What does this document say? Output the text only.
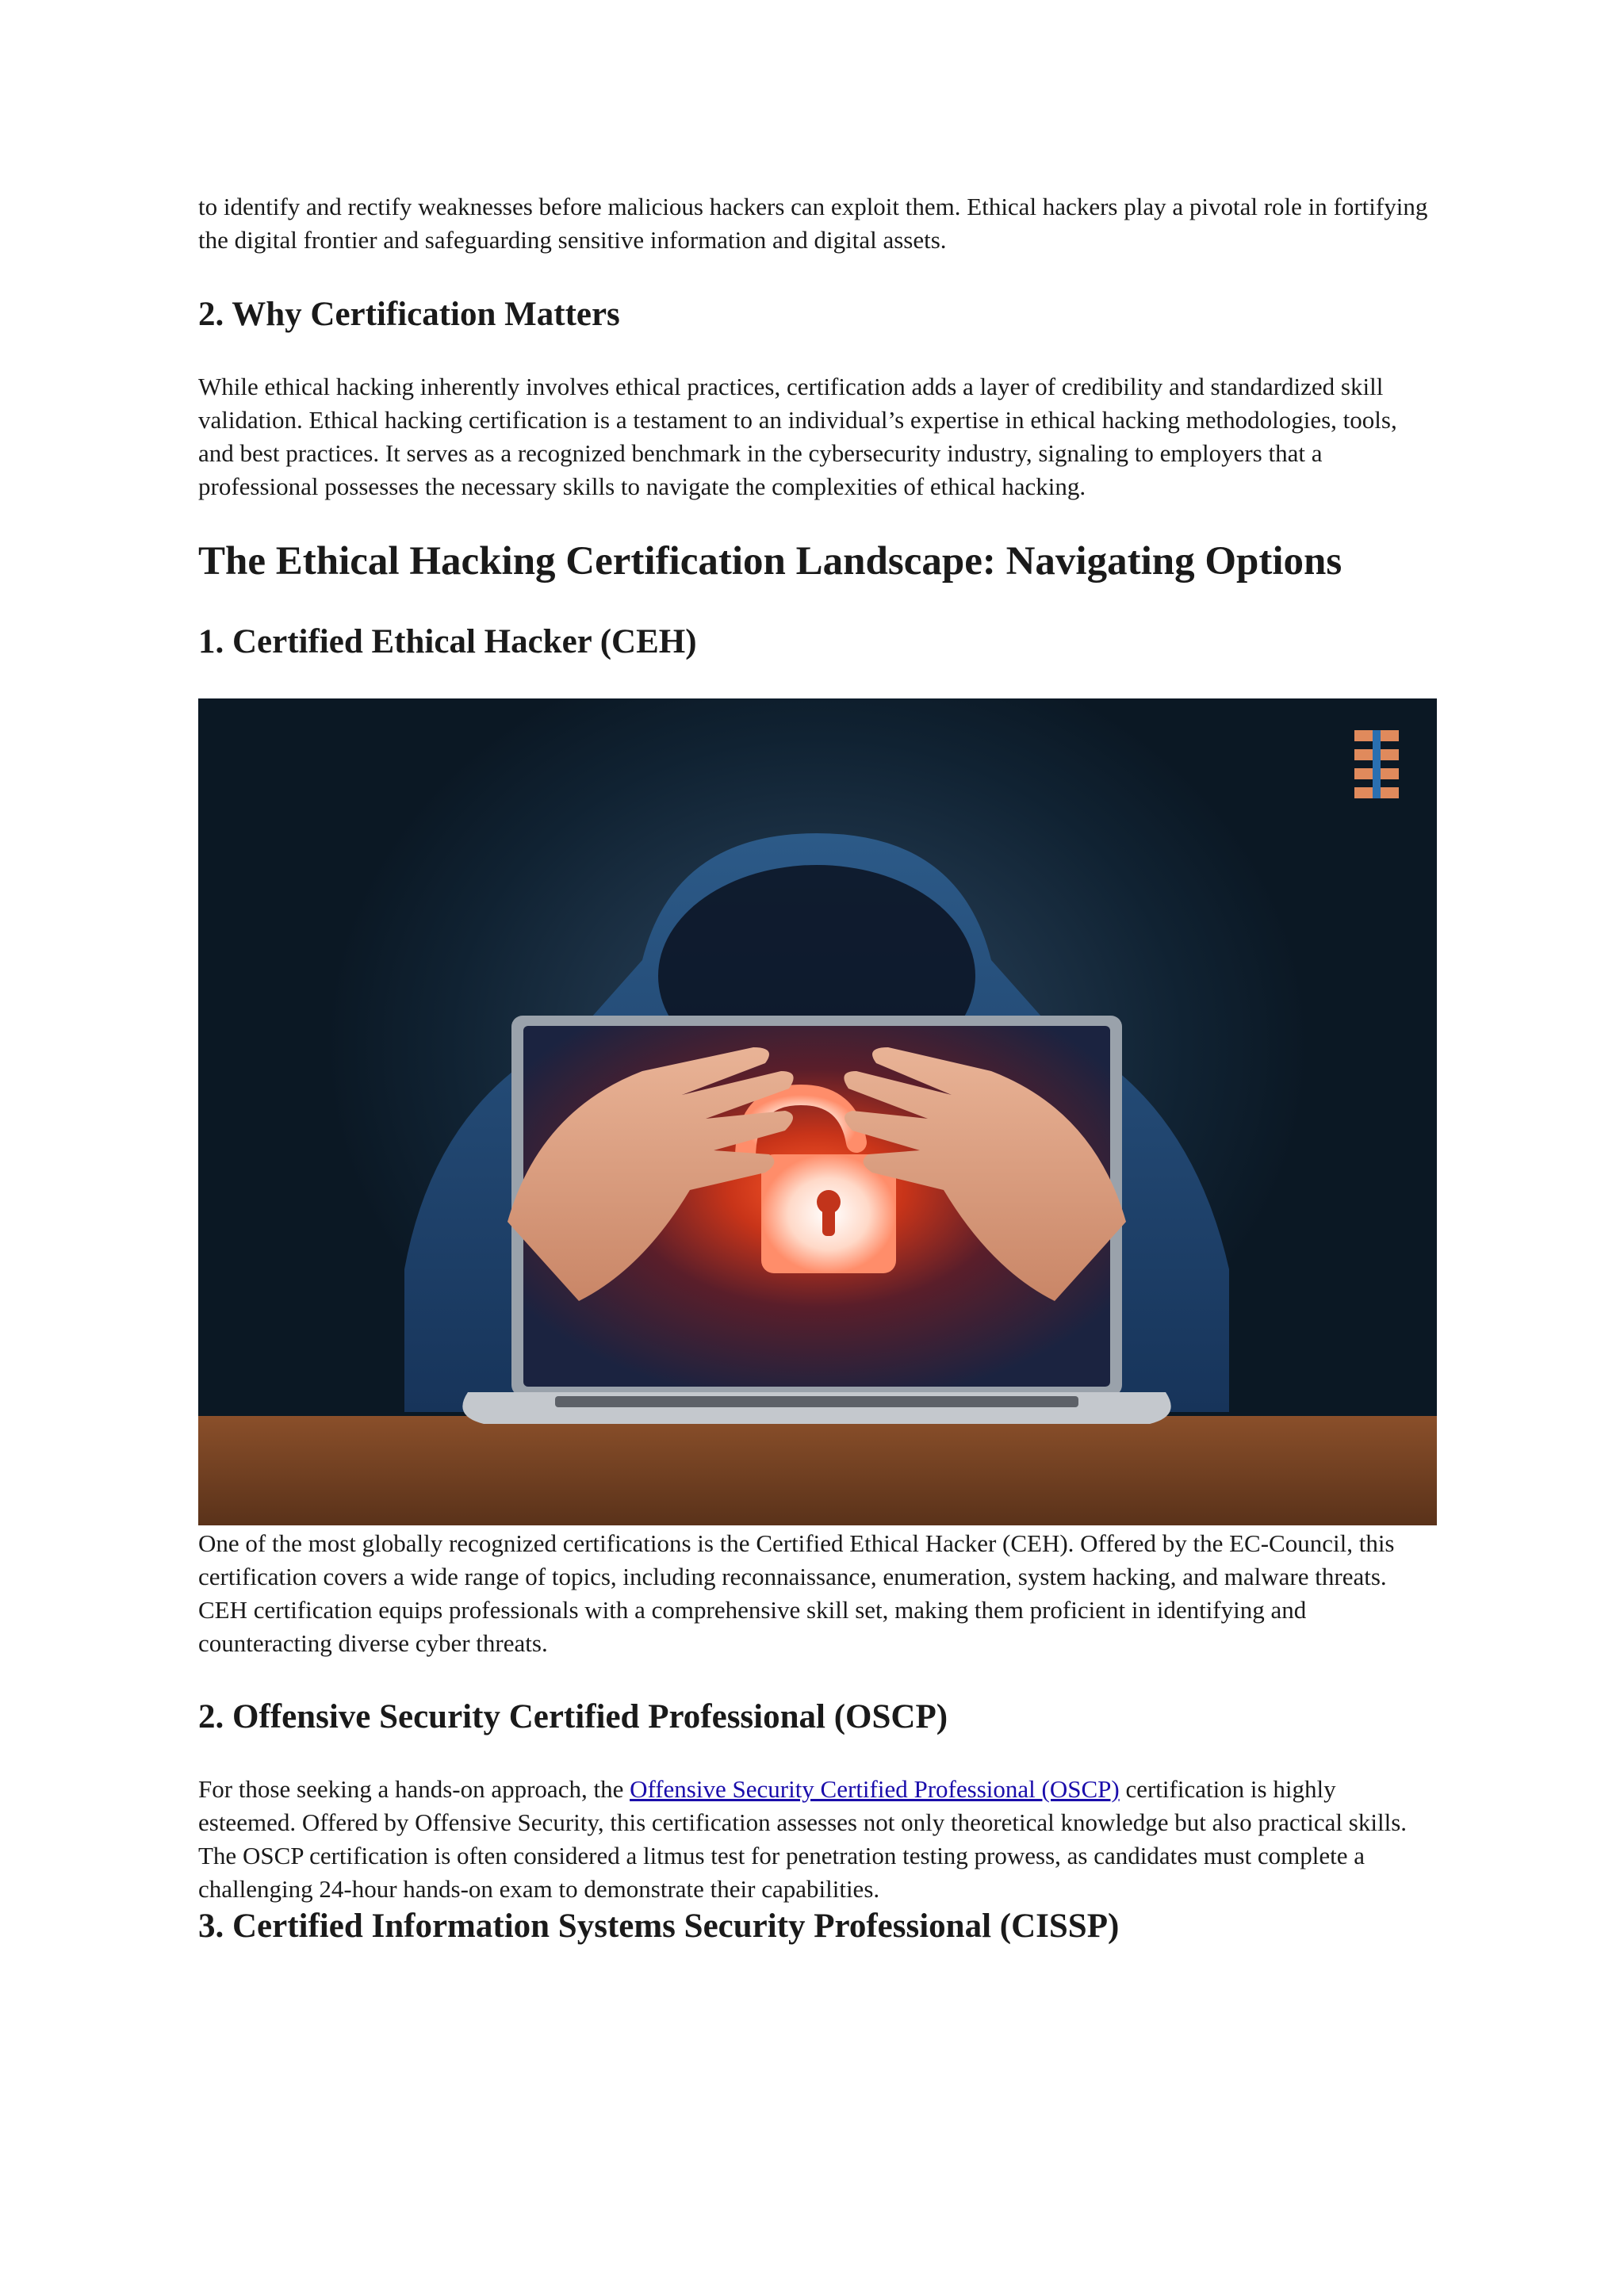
to identify and rectify weaknesses before malicious hackers can exploit them. Ethical hackers play a pivotal role in fortifying the digital frontier and safeguarding sensitive information and digital assets.

2. Why Certification Matters

While ethical hacking inherently involves ethical practices, certification adds a layer of credibility and standardized skill validation. Ethical hacking certification is a testament to an individual’s expertise in ethical hacking methodologies, tools, and best practices. It serves as a recognized benchmark in the cybersecurity industry, signaling to employers that a professional possesses the necessary skills to navigate the complexities of ethical hacking.

The Ethical Hacking Certification Landscape: Navigating Options
1. Certified Ethical Hacker (CEH)

One of the most globally recognized certifications is the Certified Ethical Hacker (CEH). Offered by the EC-Council, this certification covers a wide range of topics, including reconnaissance, enumeration, system hacking, and malware threats. CEH certification equips professionals with a comprehensive skill set, making them proficient in identifying and counteracting diverse cyber threats.

2. Offensive Security Certified Professional (OSCP)

For those seeking a hands-on approach, the Offensive Security Certified Professional (OSCP) certification is highly esteemed. Offered by Offensive Security, this certification assesses not only theoretical knowledge but also practical skills. The OSCP certification is often considered a litmus test for penetration testing prowess, as candidates must complete a challenging 24-hour hands-on exam to demonstrate their capabilities.

3. Certified Information Systems Security Professional (CISSP)
